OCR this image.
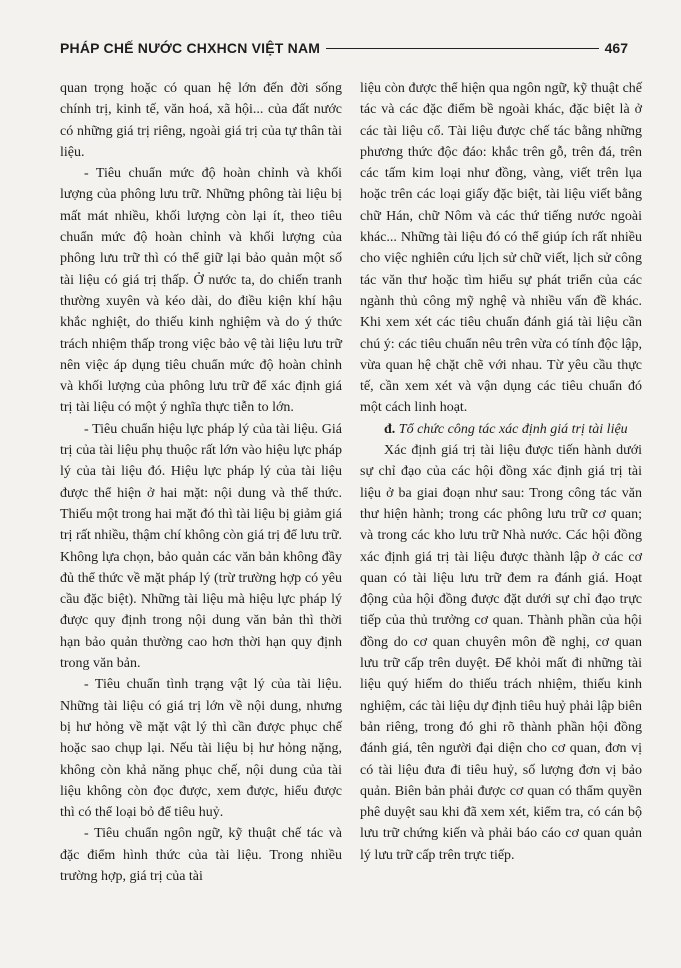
PHÁP CHẾ NƯỚC CHXHCN VIỆT NAM	467

quan trọng hoặc có quan hệ lớn đến đời sống chính trị, kinh tế, văn hoá, xã hội... của đất nước có những giá trị riêng, ngoài giá trị của tự thân tài liệu.

- Tiêu chuẩn mức độ hoàn chỉnh và khối lượng của phông lưu trữ. Những phông tài liệu bị mất mát nhiều, khối lượng còn lại ít, theo tiêu chuẩn mức độ hoàn chỉnh và khối lượng của phông lưu trữ thì có thể giữ lại bảo quản một số tài liệu có giá trị thấp. Ở nước ta, do chiến tranh thường xuyên và kéo dài, do điều kiện khí hậu khắc nghiệt, do thiếu kinh nghiệm và do ý thức trách nhiệm thấp trong việc bảo vệ tài liệu lưu trữ nên việc áp dụng tiêu chuẩn mức độ hoàn chỉnh và khối lượng của phông lưu trữ để xác định giá trị tài liệu có một ý nghĩa thực tiễn to lớn.

- Tiêu chuẩn hiệu lực pháp lý của tài liệu. Giá trị của tài liệu phụ thuộc rất lớn vào hiệu lực pháp lý của tài liệu đó. Hiệu lực pháp lý của tài liệu được thể hiện ở hai mặt: nội dung và thể thức. Thiếu một trong hai mặt đó thì tài liệu bị giảm giá trị rất nhiều, thậm chí không còn giá trị để lưu trữ. Không lựa chọn, bảo quản các văn bản không đầy đủ thể thức về mặt pháp lý (trừ trường hợp có yêu cầu đặc biệt). Những tài liệu mà hiệu lực pháp lý được quy định trong nội dung văn bản thì thời hạn bảo quản thường cao hơn thời hạn quy định trong văn bản.

- Tiêu chuẩn tình trạng vật lý của tài liệu. Những tài liệu có giá trị lớn về nội dung, nhưng bị hư hỏng về mặt vật lý thì cần được phục chế hoặc sao chụp lại. Nếu tài liệu bị hư hỏng nặng, không còn khả năng phục chế, nội dung của tài liệu không còn đọc được, xem được, hiểu được thì có thể loại bỏ để tiêu huỷ.

- Tiêu chuẩn ngôn ngữ, kỹ thuật chế tác và đặc điểm hình thức của tài liệu. Trong nhiều trường hợp, giá trị của tài

liệu còn được thể hiện qua ngôn ngữ, kỹ thuật chế tác và các đặc điểm bề ngoài khác, đặc biệt là ở các tài liệu cổ. Tài liệu được chế tác bằng những phương thức độc đáo: khắc trên gỗ, trên đá, trên các tấm kim loại như đồng, vàng, viết trên lụa hoặc trên các loại giấy đặc biệt, tài liệu viết bằng chữ Hán, chữ Nôm và các thứ tiếng nước ngoài khác... Những tài liệu đó có thể giúp ích rất nhiều cho việc nghiên cứu lịch sử chữ viết, lịch sử công tác văn thư hoặc tìm hiểu sự phát triển của các ngành thủ công mỹ nghệ và nhiều vấn đề khác. Khi xem xét các tiêu chuẩn đánh giá tài liệu cần chú ý: các tiêu chuẩn nêu trên vừa có tính độc lập, vừa quan hệ chặt chẽ với nhau. Từ yêu cầu thực tế, cần xem xét và vận dụng các tiêu chuẩn đó một cách linh hoạt.

đ. Tổ chức công tác xác định giá trị tài liệu

Xác định giá trị tài liệu được tiến hành dưới sự chỉ đạo của các hội đồng xác định giá trị tài liệu ở ba giai đoạn như sau: Trong công tác văn thư hiện hành; trong các phông lưu trữ cơ quan; và trong các kho lưu trữ Nhà nước. Các hội đồng xác định giá trị tài liệu được thành lập ở các cơ quan có tài liệu lưu trữ đem ra đánh giá. Hoạt động của hội đồng được đặt dưới sự chỉ đạo trực tiếp của thủ trưởng cơ quan. Thành phần của hội đồng do cơ quan chuyên môn đề nghị, cơ quan lưu trữ cấp trên duyệt. Để khỏi mất đi những tài liệu quý hiếm do thiếu trách nhiệm, thiếu kinh nghiệm, các tài liệu dự định tiêu huỷ phải lập biên bản riêng, trong đó ghi rõ thành phần hội đồng đánh giá, tên người đại diện cho cơ quan, đơn vị có tài liệu đưa đi tiêu huỷ, số lượng đơn vị bảo quản. Biên bản phải được cơ quan có thẩm quyền phê duyệt sau khi đã xem xét, kiểm tra, có cán bộ lưu trữ chứng kiến và phải báo cáo cơ quan quản lý lưu trữ cấp trên trực tiếp.
